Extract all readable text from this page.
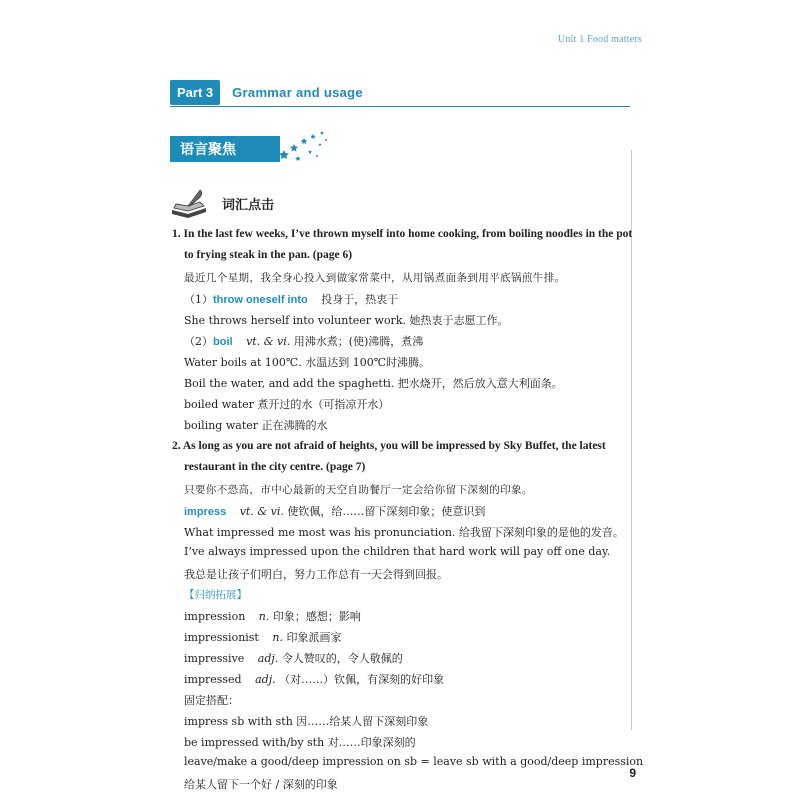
Unit 1 Food matters
Part 3	Grammar and usage
语言聚焦
词汇点击
1. In the last few weeks, I’ve thrown myself into home cooking, from boiling noodles in the pot
to frying steak in the pan. (page 6)
最近几个星期，我全身心投入到做家常菜中，从用锅煮面条到用平底锅煎牛排。
（1）throw oneself into 投身于，热衷于
She throws herself into volunteer work. 她热衷于志愿工作。
（2）boil vt. & vi. 用沸水煮；(使)沸腾，煮沸
Water boils at 100℃. 水温达到 100℃时沸腾。
Boil the water, and add the spaghetti. 把水烧开，然后放入意大利面条。
boiled water 煮开过的水（可指凉开水）
boiling water 正在沸腾的水
2. As long as you are not afraid of heights, you will be impressed by Sky Buffet, the latest
restaurant in the city centre. (page 7)
只要你不恐高，市中心最新的天空自助餐厅一定会给你留下深刻的印象。
impress vt. & vi. 使钦佩，给……留下深刻印象；使意识到
What impressed me most was his pronunciation. 给我留下深刻印象的是他的发音。
I’ve always impressed upon the children that hard work will pay off one day.
我总是让孩子们明白，努力工作总有一天会得到回报。
【归纳拓展】
impression n. 印象；感想；影响
impressionist n. 印象派画家
impressive adj. 令人赞叹的，令人敬佩的
impressed adj. （对……）钦佩，有深刻的好印象
固定搭配：
impress sb with sth 因……给某人留下深刻印象
be impressed with/by sth 对……印象深刻的
leave/make a good/deep impression on sb = leave sb with a good/deep impression
给某人留下一个好 / 深刻的印象
9
